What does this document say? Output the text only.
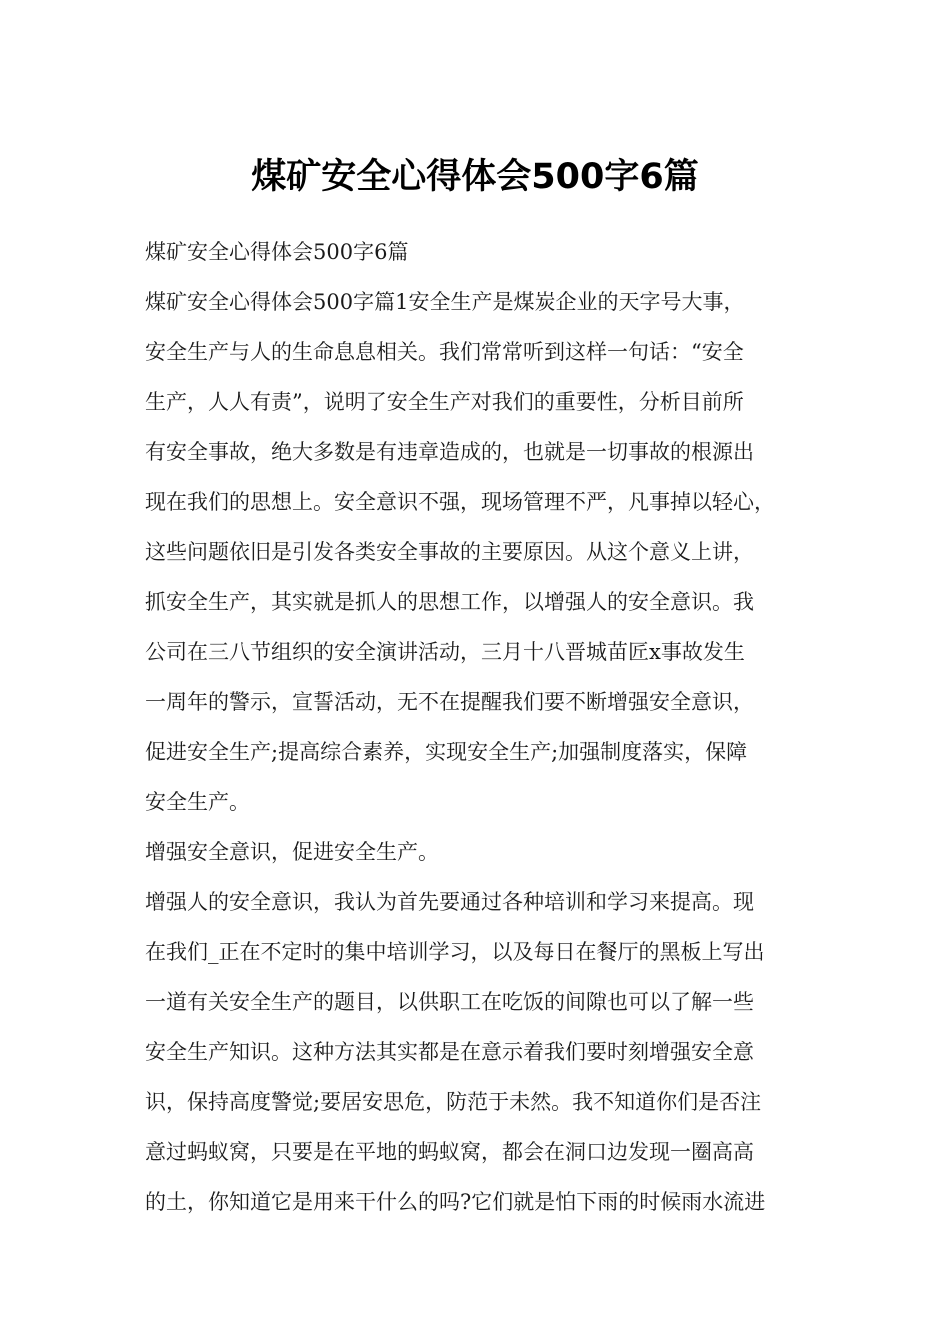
煤矿安全心得体会500字6篇

煤矿安全心得体会500字6篇

煤矿安全心得体会500字篇1安全生产是煤炭企业的天字号大事，

安全生产与人的生命息息相关。我们常常听到这样一句话：“安全

生产，人人有责”，说明了安全生产对我们的重要性，分析目前所

有安全事故，绝大多数是有违章造成的，也就是一切事故的根源出

现在我们的思想上。安全意识不强，现场管理不严，凡事掉以轻心，

这些问题依旧是引发各类安全事故的主要原因。从这个意义上讲，

抓安全生产，其实就是抓人的思想工作，以增强人的安全意识。我

公司在三八节组织的安全演讲活动，三月十八晋城苗匠x事故发生

一周年的警示，宣誓活动，无不在提醒我们要不断增强安全意识，

促进安全生产;提高综合素养，实现安全生产;加强制度落实，保障

安全生产。

增强安全意识，促进安全生产。

增强人的安全意识，我认为首先要通过各种培训和学习来提高。现

在我们_正在不定时的集中培训学习，以及每日在餐厅的黑板上写出

一道有关安全生产的题目，以供职工在吃饭的间隙也可以了解一些

安全生产知识。这种方法其实都是在意示着我们要时刻增强安全意

识，保持高度警觉;要居安思危，防范于未然。我不知道你们是否注

意过蚂蚁窝，只要是在平地的蚂蚁窝，都会在洞口边发现一圈高高

的土，你知道它是用来干什么的吗?它们就是怕下雨的时候雨水流进
